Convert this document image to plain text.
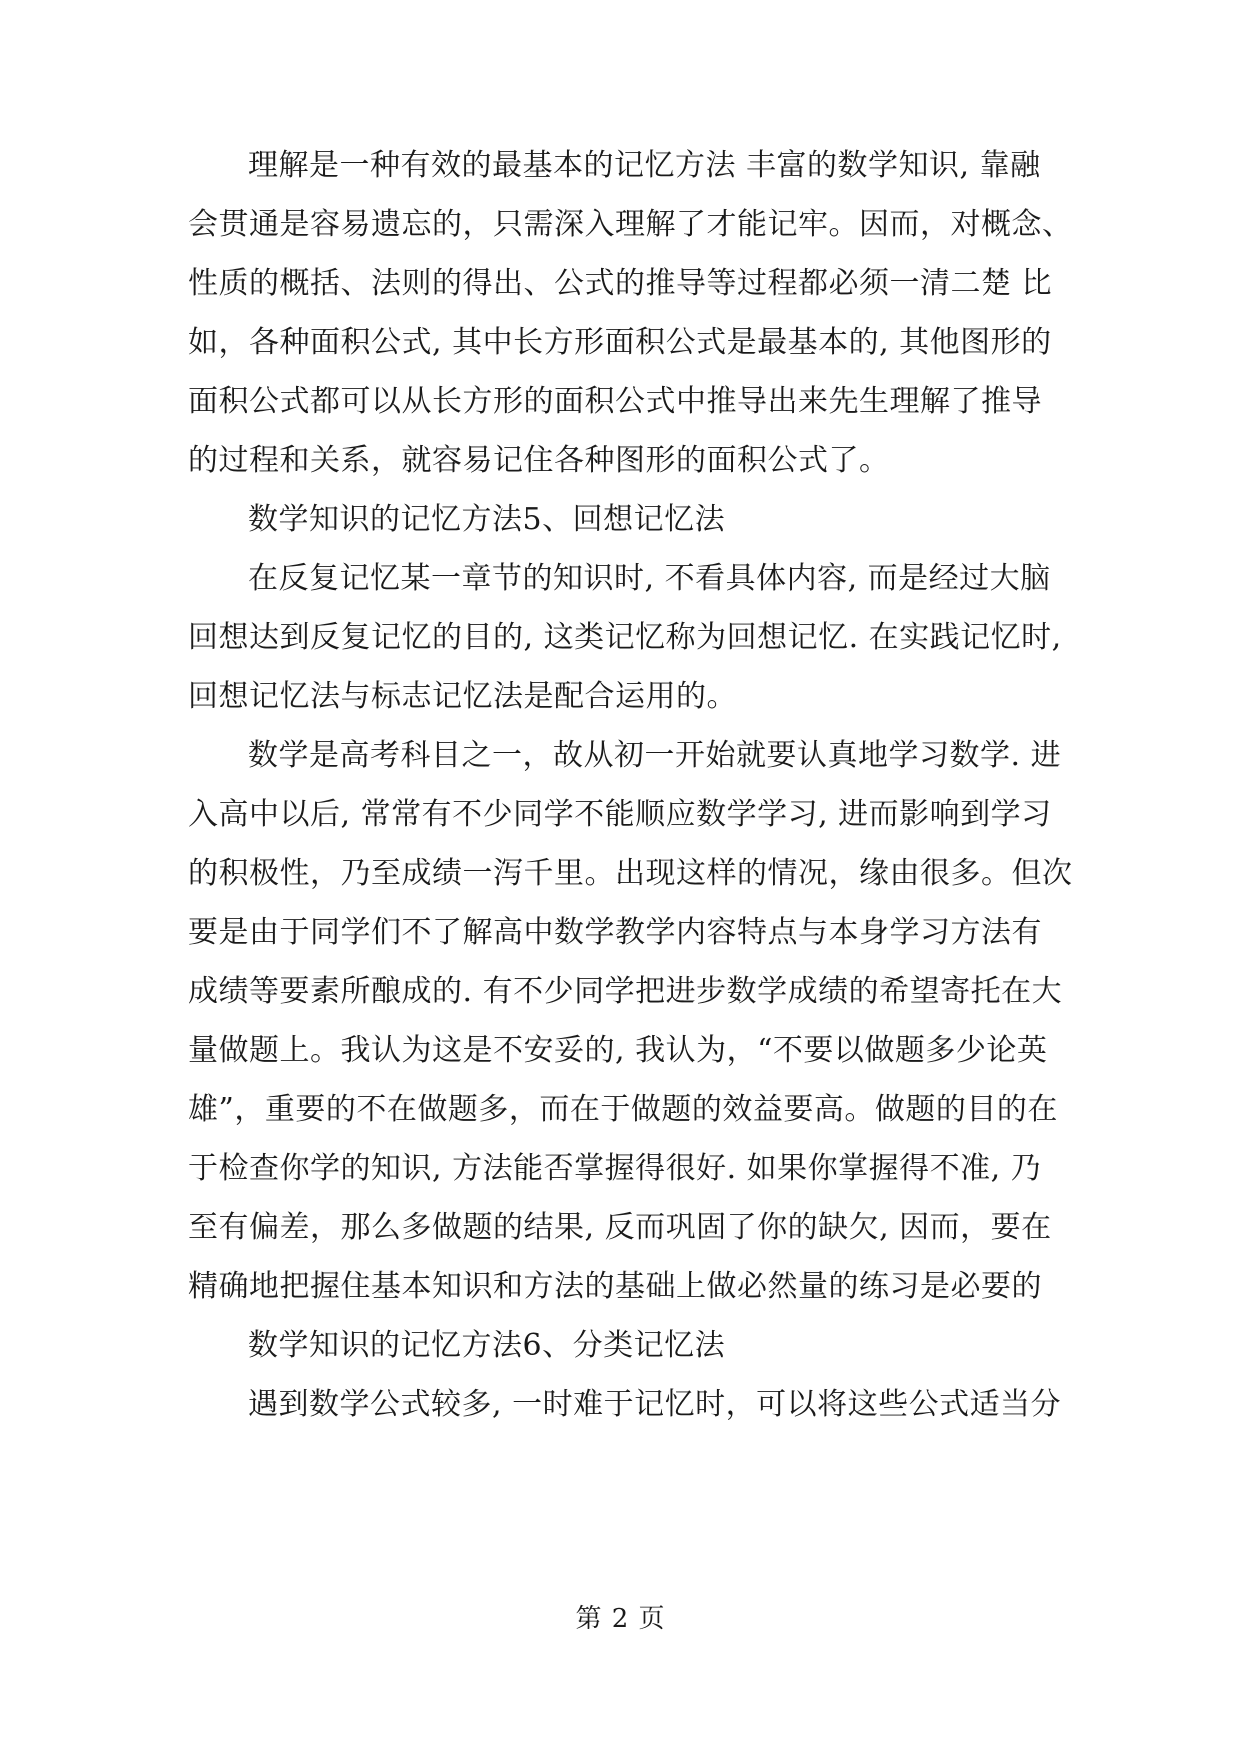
理解是一种有效的最基本的记忆方法 丰富的数学知识, 靠融
会贯通是容易遗忘的，只需深入理解了才能记牢。因而，对概念、
性质的概括、法则的得出、公式的推导等过程都必须一清二楚 比
如，各种面积公式, 其中长方形面积公式是最基本的, 其他图形的
面积公式都可以从长方形的面积公式中推导出来先生理解了推导
的过程和关系，就容易记住各种图形的面积公式了。
数学知识的记忆方法5、回想记忆法
在反复记忆某一章节的知识时, 不看具体内容, 而是经过大脑
回想达到反复记忆的目的, 这类记忆称为回想记忆. 在实践记忆时,
回想记忆法与标志记忆法是配合运用的。
数学是高考科目之一，故从初一开始就要认真地学习数学. 进
入高中以后, 常常有不少同学不能顺应数学学习, 进而影响到学习
的积极性，乃至成绩一泻千里。出现这样的情况，缘由很多。但次
要是由于同学们不了解高中数学教学内容特点与本身学习方法有
成绩等要素所酿成的. 有不少同学把进步数学成绩的希望寄托在大
量做题上。我认为这是不安妥的, 我认为，“不要以做题多少论英
雄”，重要的不在做题多，而在于做题的效益要高。做题的目的在
于检查你学的知识, 方法能否掌握得很好. 如果你掌握得不准, 乃
至有偏差，那么多做题的结果, 反而巩固了你的缺欠, 因而，要在
精确地把握住基本知识和方法的基础上做必然量的练习是必要的
数学知识的记忆方法6、分类记忆法
遇到数学公式较多, 一时难于记忆时，可以将这些公式适当分
第 2 页
